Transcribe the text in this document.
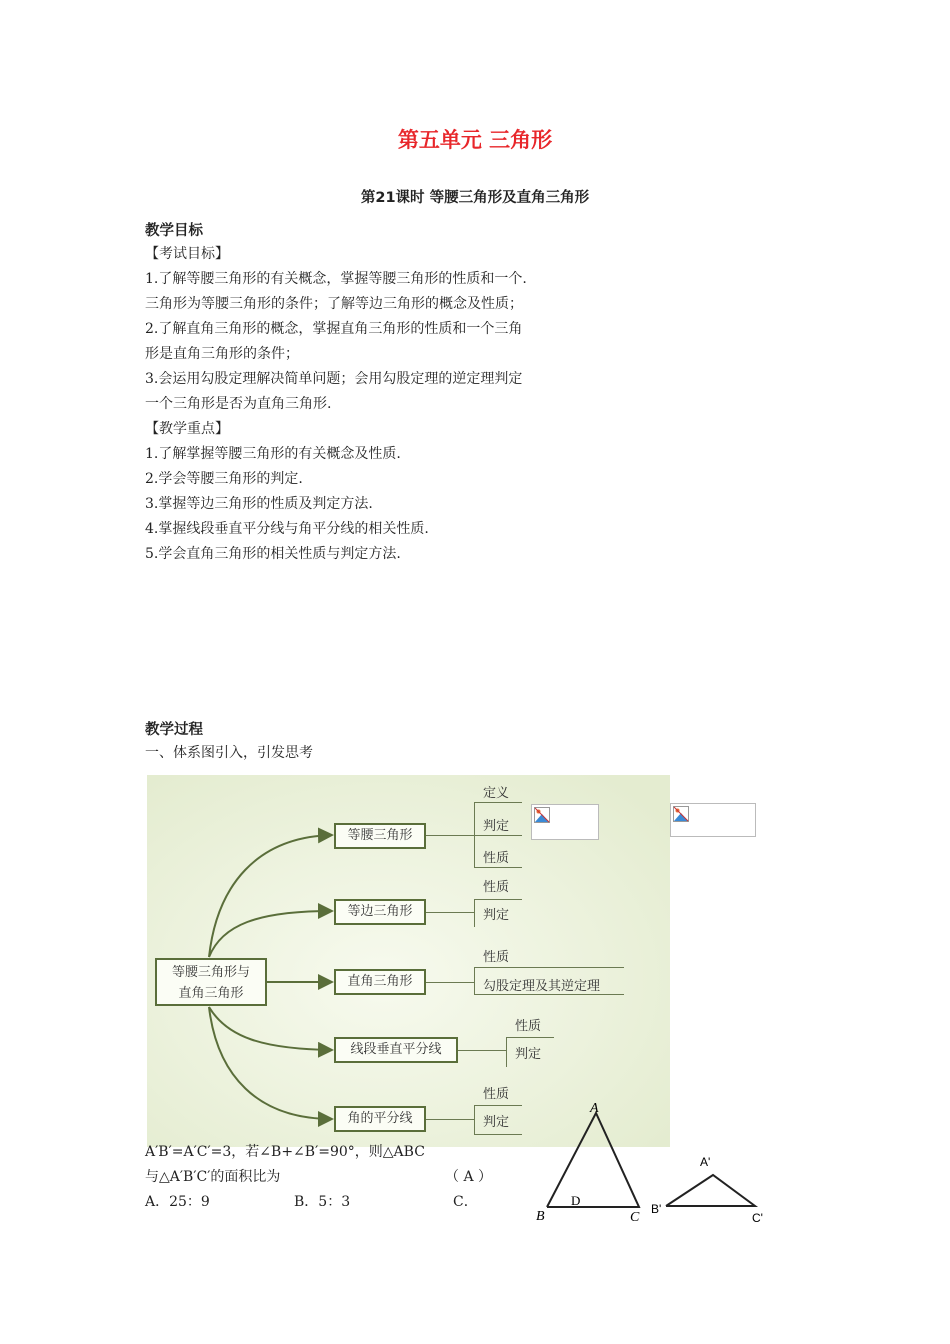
第五单元 三角形
第21课时 等腰三角形及直角三角形
教学目标
【考试目标】
1.了解等腰三角形的有关概念，掌握等腰三角形的性质和一个.
三角形为等腰三角形的条件；了解等边三角形的概念及性质；
2.了解直角三角形的概念，掌握直角三角形的性质和一个三角
形是直角三角形的条件；
3.会运用勾股定理解决简单问题；会用勾股定理的逆定理判定
一个三角形是否为直角三角形.
【教学重点】
1.了解掌握等腰三角形的有关概念及性质.
2.学会等腰三角形的判定.
3.掌握等边三角形的性质及判定方法.
4.掌握线段垂直平分线与角平分线的相关性质.
5.学会直角三角形的相关性质与判定方法.
教学过程
一、体系图引入，引发思考
等腰三角形与
直角三角形
等腰三角形
定义
判定
性质
等边三角形
性质
判定
直角三角形
性质
勾股定理及其逆定理
线段垂直平分线
性质
判定
角的平分线
性质
判定
A′B′=A′C′=3，若∠B+∠B′=90°，则△ABC
与△A′B′C′的面积比为	（ A ）
A．25：9	B．5：3	C．
A
B	C
D
A'
B'
C'
